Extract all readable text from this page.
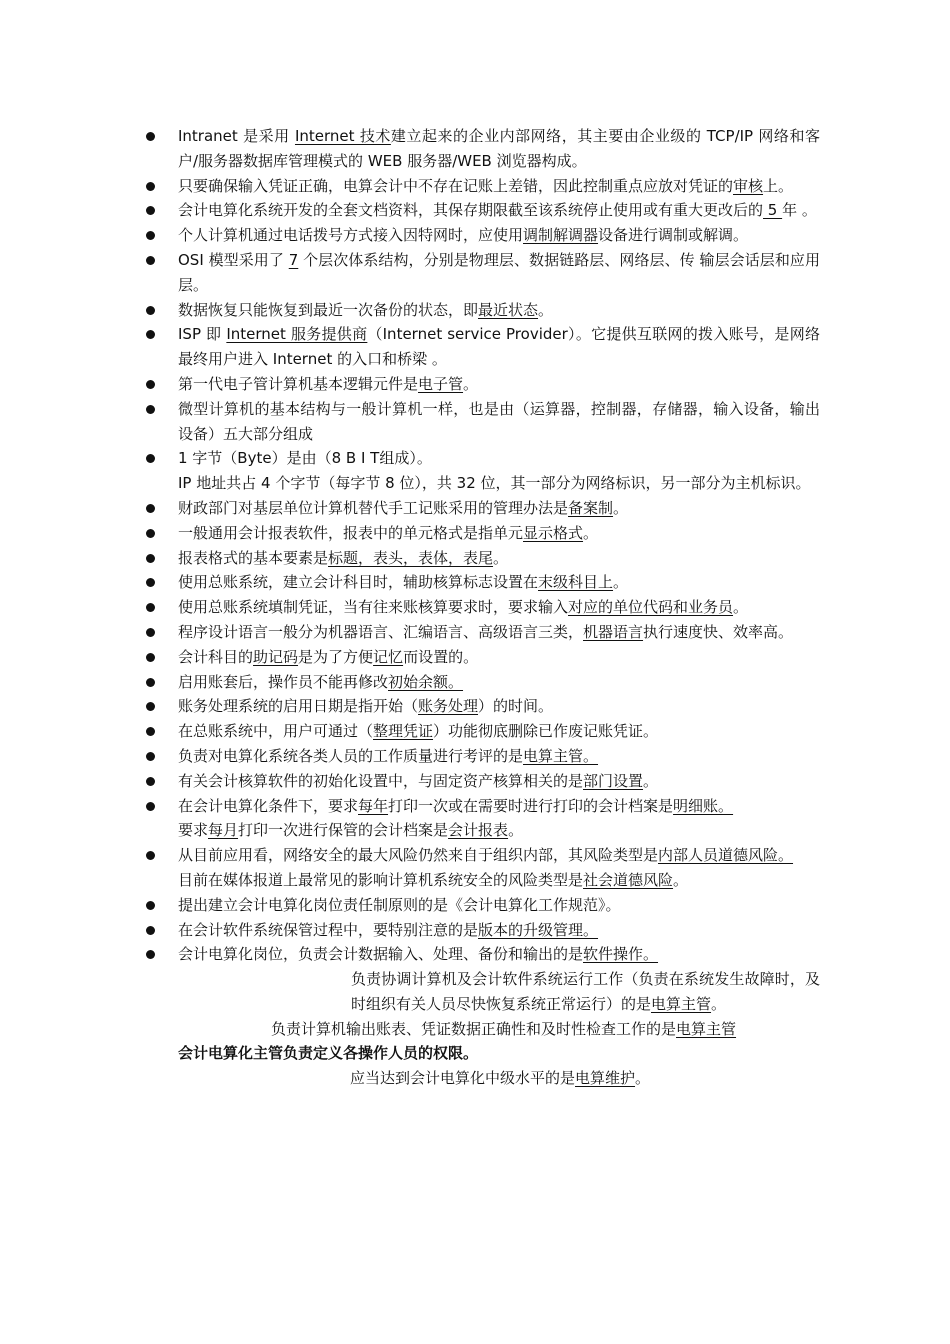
Intranet 是采用 Internet 技术建立起来的企业内部网络，其主要由企业级的 TCP/IP 网络和客户/服务器数据库管理模式的 WEB 服务器/WEB 浏览器构成。
只要确保输入凭证正确，电算会计中不存在记账上差错，因此控制重点应放对凭证的审核上。
会计电算化系统开发的全套文档资料，其保存期限截至该系统停止使用或有重大更改后的 5 年 。
个人计算机通过电话拨号方式接入因特网时，应使用调制解调器设备进行调制或解调。
OSI 模型采用了 7 个层次体系结构，分别是物理层、数据链路层、网络层、传 输层会话层和应用层。
数据恢复只能恢复到最近一次备份的状态，即最近状态。
ISP 即 Internet 服务提供商（Internet service Provider）。它提供互联网的拨入账号，是网络最终用户进入 Internet 的入口和桥梁 。
第一代电子管计算机基本逻辑元件是电子管。
微型计算机的基本结构与一般计算机一样，也是由（运算器，控制器，存储器，输入设备，输出设备）五大部分组成
1 字节（Byte）是由（8 B I T组成）。
IP 地址共占 4 个字节（每字节 8 位），共 32 位，其一部分为网络标识，另一部分为主机标识。
财政部门对基层单位计算机替代手工记账采用的管理办法是备案制。
一般通用会计报表软件，报表中的单元格式是指单元显示格式。
报表格式的基本要素是标题，表头，表体，表尾。
使用总账系统，建立会计科目时，辅助核算标志设置在末级科目上。
使用总账系统填制凭证，当有往来账核算要求时，要求输入对应的单位代码和业务员。
程序设计语言一般分为机器语言、汇编语言、高级语言三类，机器语言执行速度快、效率高。
会计科目的助记码是为了方便记忆而设置的。
启用账套后，操作员不能再修改初始余额。
账务处理系统的启用日期是指开始（账务处理）的时间。
在总账系统中，用户可通过（整理凭证）功能彻底删除已作废记账凭证。
负责对电算化系统各类人员的工作质量进行考评的是电算主管。
有关会计核算软件的初始化设置中，与固定资产核算相关的是部门设置。
在会计电算化条件下，要求每年打印一次或在需要时进行打印的会计档案是明细账。
要求每月打印一次进行保管的会计档案是会计报表。
从目前应用看，网络安全的最大风险仍然来自于组织内部，其风险类型是内部人员道德风险。
目前在媒体报道上最常见的影响计算机系统安全的风险类型是社会道德风险。
提出建立会计电算化岗位责任制原则的是《会计电算化工作规范》。
在会计软件系统保管过程中，要特别注意的是版本的升级管理。
会计电算化岗位，负责会计数据输入、处理、备份和输出的是软件操作。
负责协调计算机及会计软件系统运行工作（负责在系统发生故障时，及时组织有关人员尽快恢复系统正常运行）的是电算主管。
负责计算机输出账表、凭证数据正确性和及时性检查工作的是电算主管
会计电算化主管负责定义各操作人员的权限。
应当达到会计电算化中级水平的是电算维护。
